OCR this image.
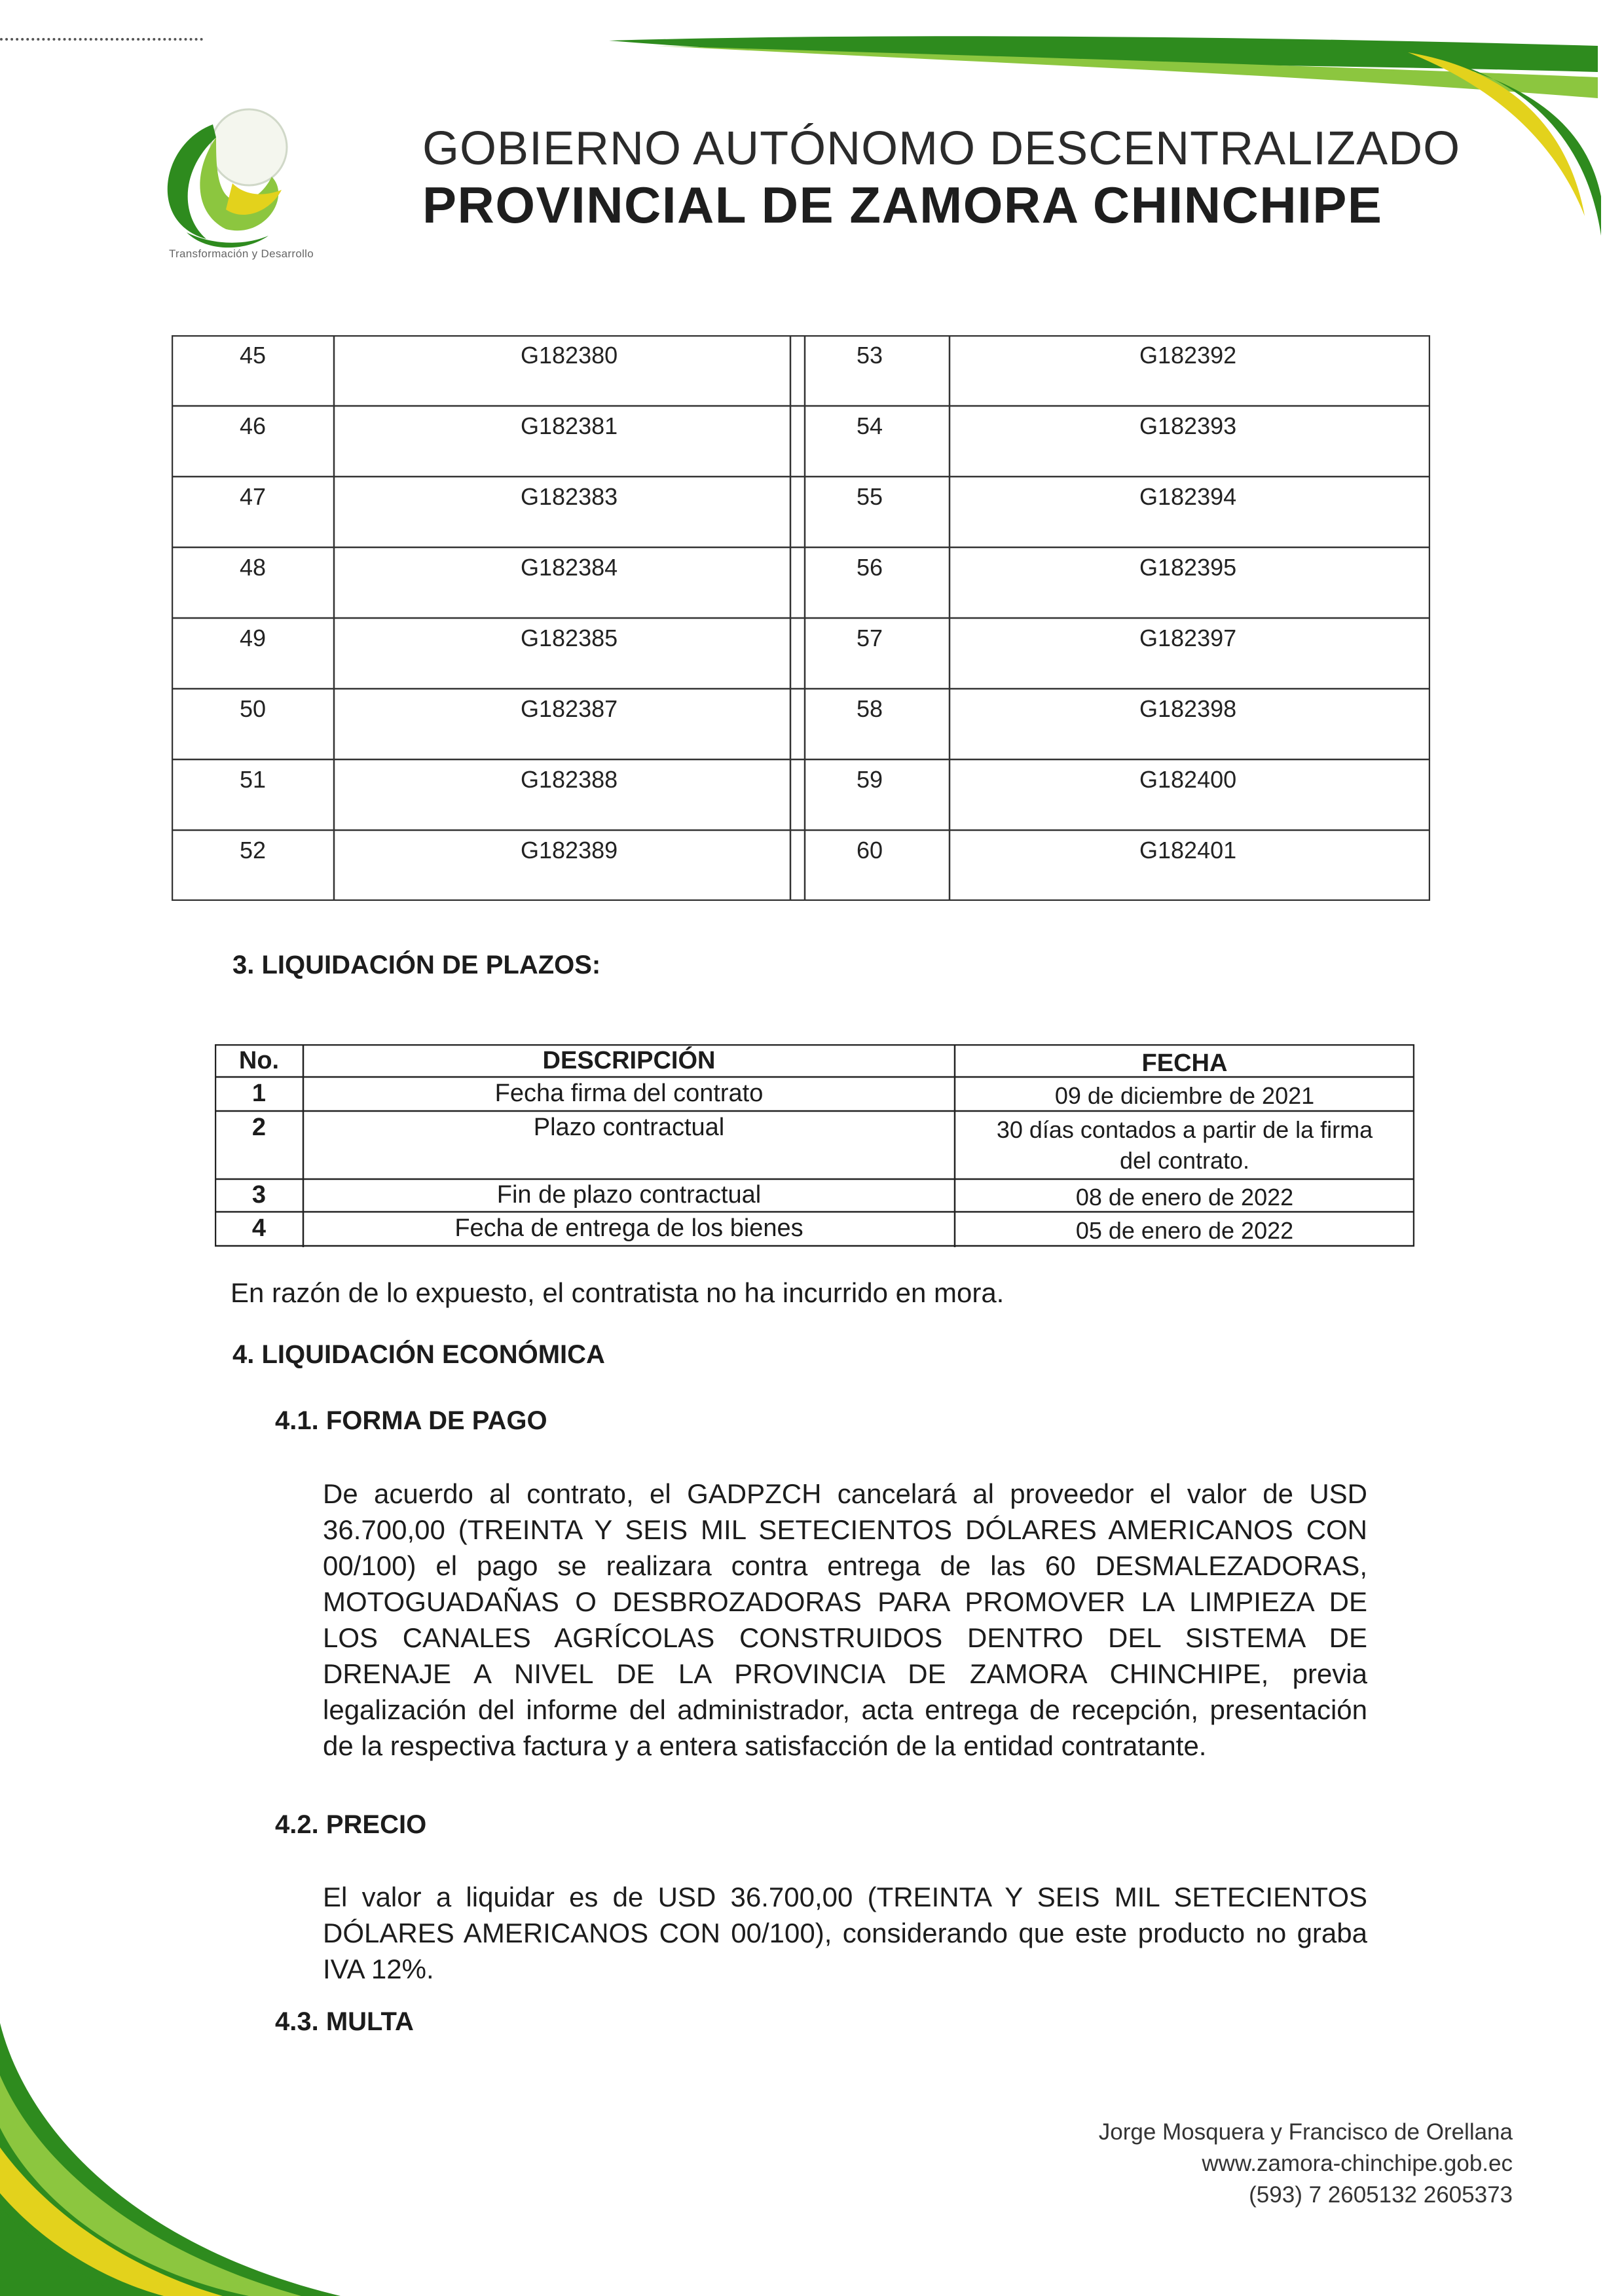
Transformación y Desarrollo
GOBIERNO AUTÓNOMO DESCENTRALIZADO
PROVINCIAL DE ZAMORA CHINCHIPE
45	G182380	53	G182392
46	G182381	54	G182393
47	G182383	55	G182394
48	G182384	56	G182395
49	G182385	57	G182397
50	G182387	58	G182398
51	G182388	59	G182400
52	G182389	60	G182401
3. LIQUIDACIÓN DE PLAZOS:
No.	DESCRIPCIÓN	FECHA
1	Fecha firma del contrato	09 de diciembre de 2021
2	Plazo contractual	30 días contados a partir de la firma
del contrato.
3	Fin de plazo contractual	08 de enero de 2022
4	Fecha de entrega de los bienes	05 de enero de 2022
En razón de lo expuesto, el contratista no ha incurrido en mora.
4. LIQUIDACIÓN ECONÓMICA
4.1. FORMA DE PAGO
De acuerdo al contrato, el GADPZCH cancelará al proveedor el valor de USD 36.700,00 (TREINTA Y SEIS MIL SETECIENTOS DÓLARES AMERICANOS CON 00/100) el pago se realizara contra entrega de las 60 DESMALEZADORAS, MOTOGUADAÑAS O DESBROZADORAS PARA PROMOVER LA LIMPIEZA DE LOS CANALES AGRÍCOLAS CONSTRUIDOS DENTRO DEL SISTEMA DE DRENAJE A NIVEL DE LA PROVINCIA DE ZAMORA CHINCHIPE, previa legalización del informe del administrador, acta entrega de recepción, presentación de la respectiva factura y a entera satisfacción de la entidad contratante.
4.2. PRECIO
El valor a liquidar es de USD 36.700,00 (TREINTA Y SEIS MIL SETECIENTOS DÓLARES AMERICANOS CON 00/100), considerando que este producto no graba IVA 12%.
4.3. MULTA
Jorge Mosquera y Francisco de Orellana
www.zamora-chinchipe.gob.ec
(593) 7 2605132 2605373
